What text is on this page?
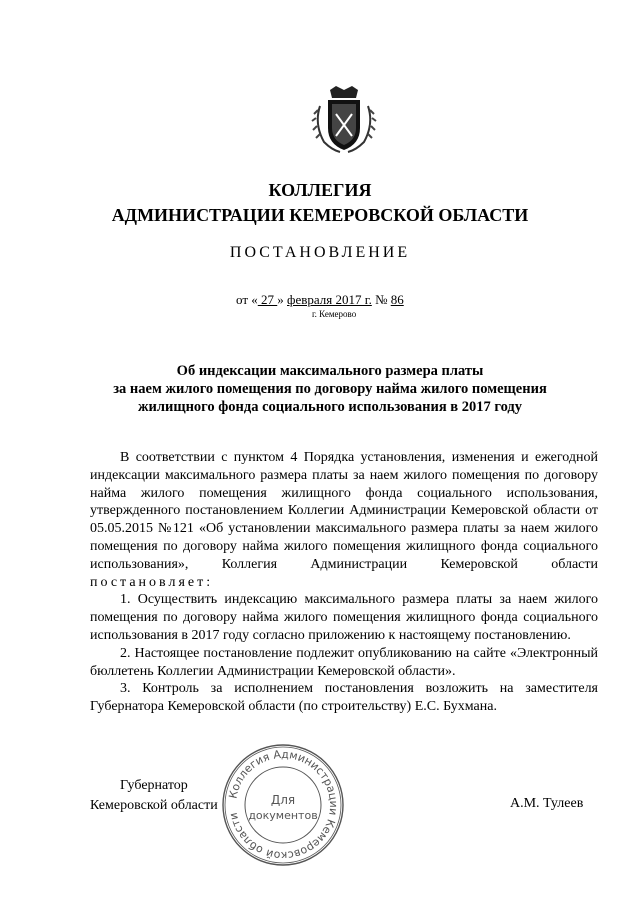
КОЛЛЕГИЯ
АДМИНИСТРАЦИИ КЕМЕРОВСКОЙ ОБЛАСТИ
ПОСТАНОВЛЕНИЕ
от « 27 » февраля 2017 г. № 86
г. Кемерово
Об индексации максимального размера платы
за наем жилого помещения по договору найма жилого помещения
жилищного фонда социального использования в 2017 году

В соответствии с пунктом 4 Порядка установления, изменения и ежегодной индексации максимального размера платы за наем жилого помещения по договору найма жилого помещения жилищного фонда социального использования, утвержденного постановлением Коллегии Администрации Кемеровской области от 05.05.2015 №121 «Об установлении максимального размера платы за наем жилого помещения по договору найма жилого помещения жилищного фонда социального использования», Коллегия Администрации Кемеровской области постановляет:

1. Осуществить индексацию максимального размера платы за наем жилого помещения по договору найма жилого помещения жилищного фонда социального использования в 2017 году согласно приложению к настоящему постановлению.

2. Настоящее постановление подлежит опубликованию на сайте «Электронный бюллетень Коллегии Администрации Кемеровской области».

3. Контроль за исполнением постановления возложить на заместителя Губернатора Кемеровской области (по строительству) Е.С. Бухмана.

Губернатор
Кемеровской области	А.М. Тулеев
Коллегия Администрации Кемеровской области
Для
документов
